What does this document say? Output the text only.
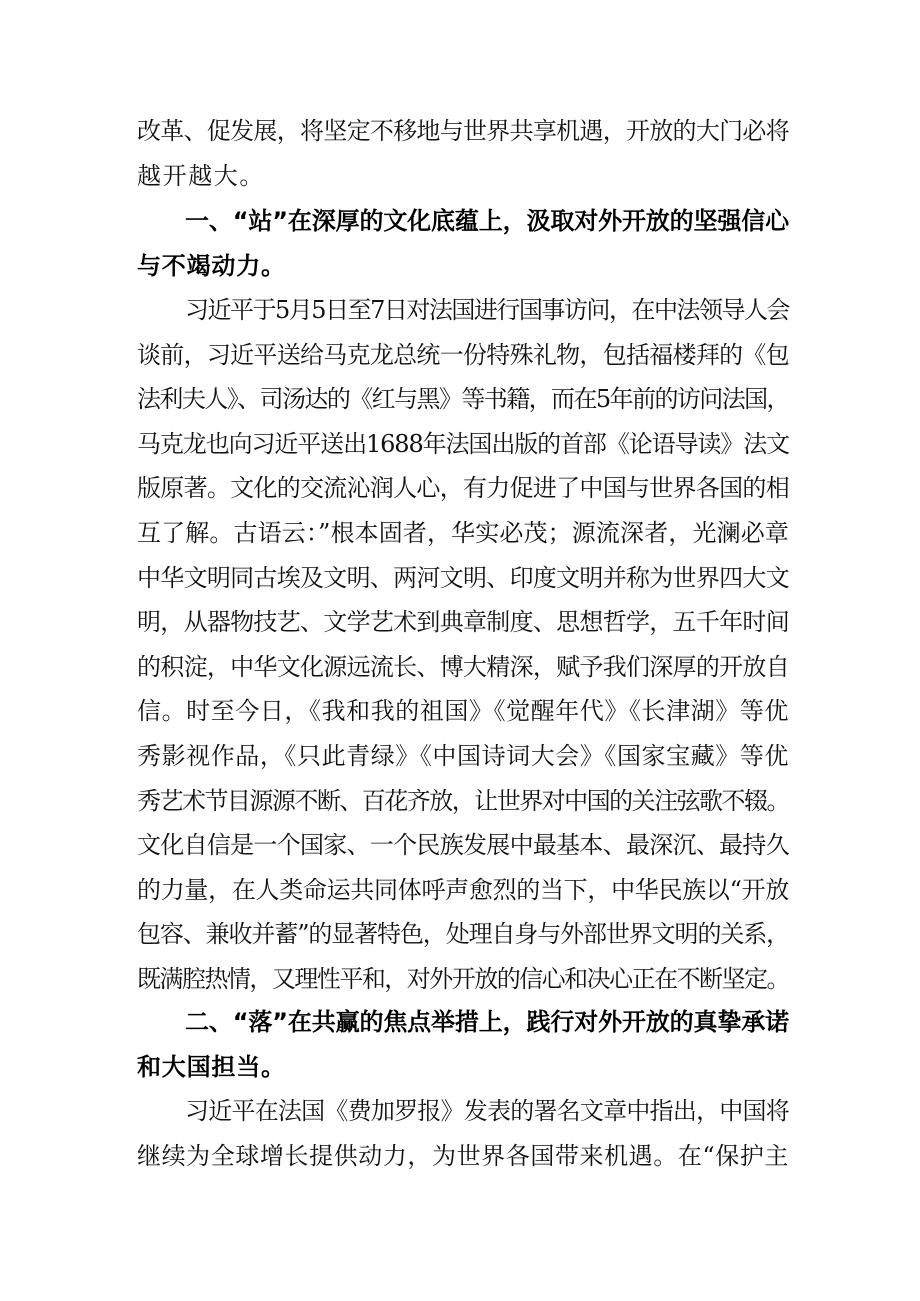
改革、促发展，将坚定不移地与世界共享机遇，开放的大门必将
越开越大。
一、“站”在深厚的文化底蕴上，汲取对外开放的坚强信心
与不竭动力。
习近平于5月5日至7日对法国进行国事访问，在中法领导人会
谈前，习近平送给马克龙总统一份特殊礼物，包括福楼拜的《包
法利夫人》、司汤达的《红与黑》等书籍，而在5年前的访问法国，
马克龙也向习近平送出1688年法国出版的首部《论语导读》法文
版原著。文化的交流沁润人心，有力促进了中国与世界各国的相
互了解。古语云：”根本固者，华实必茂；源流深者，光澜必章
中华文明同古埃及文明、两河文明、印度文明并称为世界四大文
明，从器物技艺、文学艺术到典章制度、思想哲学，五千年时间
的积淀，中华文化源远流长、博大精深，赋予我们深厚的开放自
信。时至今日，《我和我的祖国》《觉醒年代》《长津湖》等优
秀影视作品，《只此青绿》《中国诗词大会》《国家宝藏》等优
秀艺术节目源源不断、百花齐放，让世界对中国的关注弦歌不辍。
文化自信是一个国家、一个民族发展中最基本、最深沉、最持久
的力量，在人类命运共同体呼声愈烈的当下，中华民族以“开放
包容、兼收并蓄”的显著特色，处理自身与外部世界文明的关系，
既满腔热情，又理性平和，对外开放的信心和决心正在不断坚定。
二、“落”在共赢的焦点举措上，践行对外开放的真挚承诺
和大国担当。
习近平在法国《费加罗报》发表的署名文章中指出，中国将
继续为全球增长提供动力，为世界各国带来机遇。在“保护主
